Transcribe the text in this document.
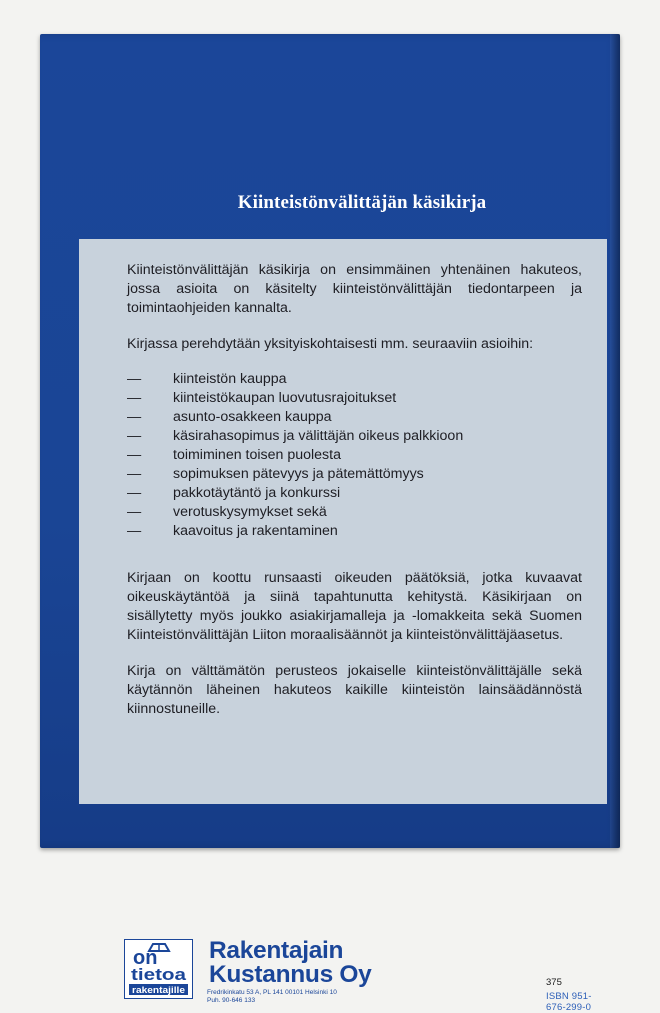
Kiinteistönvälittäjän käsikirja

Kiinteistönvälittäjän käsikirja on ensimmäinen yhtenäinen hakuteos, jossa asioita on käsitelty kiinteistönvälittäjän tiedontarpeen ja toimintaohjeiden kannalta.

Kirjassa perehdytään yksityiskohtaisesti mm. seuraaviin asioihin:

—	kiinteistön kauppa
—	kiinteistökaupan luovutusrajoitukset
—	asunto-osakkeen kauppa
—	käsirahasopimus ja välittäjän oikeus palkkioon
—	toimiminen toisen puolesta
—	sopimuksen pätevyys ja pätemättömyys
—	pakkotäytäntö ja konkurssi
—	verotuskysymykset sekä
—	kaavoitus ja rakentaminen

Kirjaan on koottu runsaasti oikeuden päätöksiä, jotka kuvaavat oikeuskäytäntöä ja siinä tapahtunutta kehitystä. Käsikirjaan on sisällytetty myös joukko asiakirjamalleja ja -lomakkeita sekä Suomen Kiinteistönvälittäjän Liiton moraalisäännöt ja kiinteistönvälittäjäasetus.

Kirja on välttämätön perusteos jokaiselle kiinteistönvälittäjälle sekä käytännön läheinen hakuteos kaikille kiinteistön lainsäädännöstä kiinnostuneille.

on
tietoa
rakentajille
Rakentajain
Kustannus Oy
Fredrikinkatu 53 A, PL 141 00101 Helsinki 10
Puh. 90-646 133
375
ISBN 951-676-299-0
